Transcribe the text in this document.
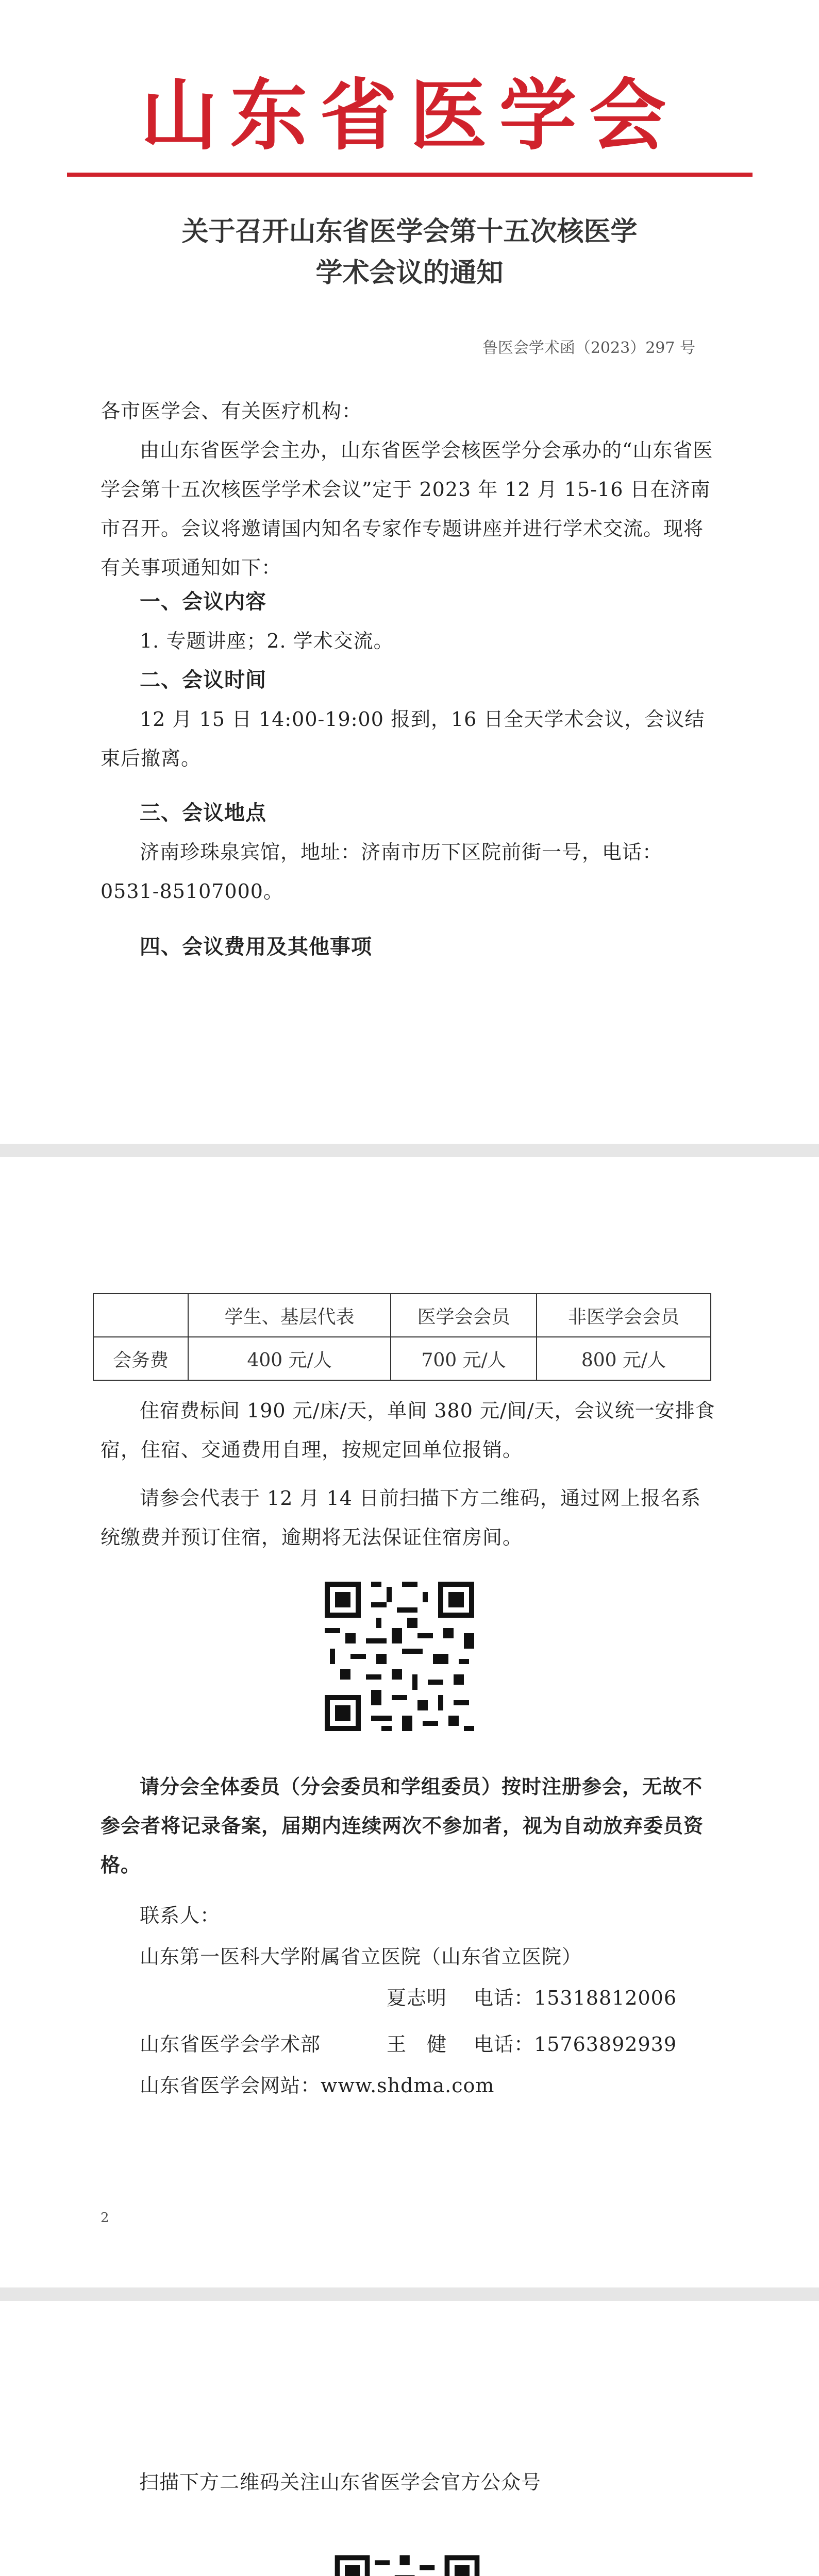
山东省医学会
关于召开山东省医学会第十五次核医学
学术会议的通知
鲁医会学术函（2023）297 号
各市医学会、有关医疗机构：
由山东省医学会主办，山东省医学会核医学分会承办的“山东省医学会第十五次核医学学术会议”定于 2023 年 12 月 15-16 日在济南市召开。会议将邀请国内知名专家作专题讲座并进行学术交流。现将有关事项通知如下：
一、会议内容
1. 专题讲座；2. 学术交流。
二、会议时间
12 月 15 日 14:00-19:00 报到，16 日全天学术会议，会议结束后撤离。
三、会议地点
济南珍珠泉宾馆，地址：济南市历下区院前街一号，电话：0531-85107000。
四、会议费用及其他事项
	学生、基层代表	医学会会员	非医学会会员
会务费	400 元/人	700 元/人	800 元/人
住宿费标间 190 元/床/天，单间 380 元/间/天，会议统一安排食宿，住宿、交通费用自理，按规定回单位报销。
请参会代表于 12 月 14 日前扫描下方二维码，通过网上报名系统缴费并预订住宿，逾期将无法保证住宿房间。
请分会全体委员（分会委员和学组委员）按时注册参会，无故不参会者将记录备案，届期内连续两次不参加者，视为自动放弃委员资格。
联系人：
山东第一医科大学附属省立医院（山东省立医院）
夏志明　 电话：15318812006
山东省医学会学术部	王　健　 电话：15763892939
山东省医学会网站：www.shdma.com
2
扫描下方二维码关注山东省医学会官方公众号
